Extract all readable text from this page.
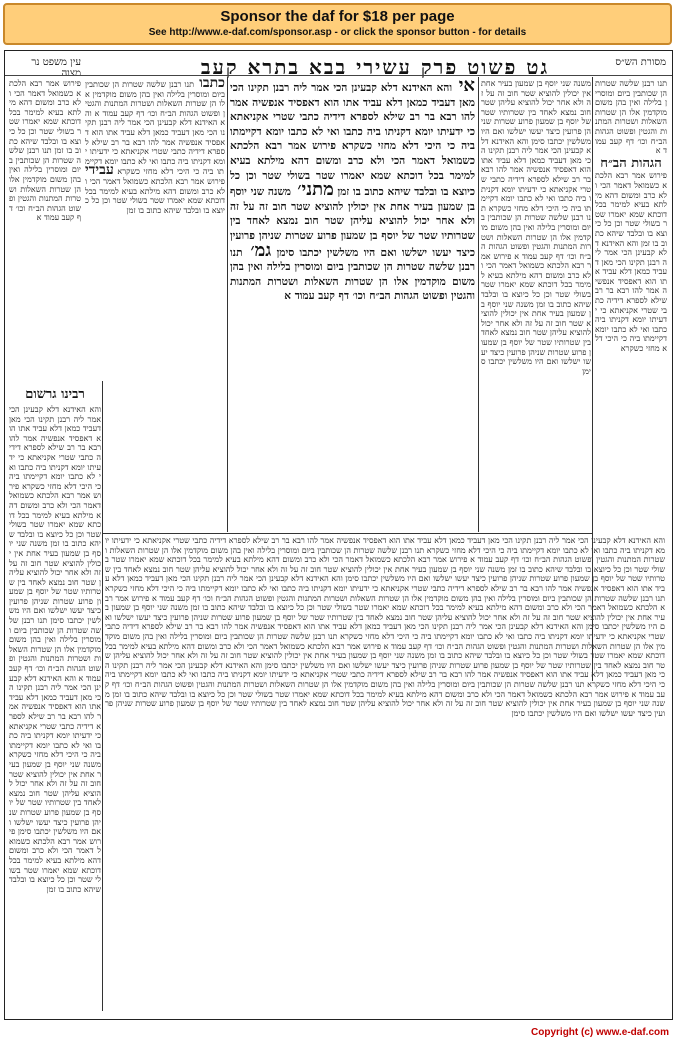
Sponsor the daf for $18 per page
See http://www.e-daf.com/sponsor.asp - or click the sponsor button - for details
עין משפט נר מצוה	גט פשוט פרק עשירי בבא בתרא קעב	מסורת הש״ס
פירוש אמר רבא הלכתא כשמואל דאמר הכי ולא כרב ומשום דהא מילתא בעיא למימר בכל דוכתא שמא יאמרו שטר בשולי שטר וכן כל כיוצא בו ובלבד שיהא כתוב בו זמן תנו רבנן שלשה שטרות הן שכותבין ביום ומוסרין בלילה ואין בהן משום מוקדמין אלו הן שטרות השאלות ושטרות המתנות והגטין ופשוט הגהות הב״ח וכו׳ דף קעב עמוד א
רבינו גרשום
והא האידנא דלא קבעינן הכי אמר ליה רבנן תקינו הכי מאן דעביד כמאן דלא עביד אתו הוא דאפסיד אנפשיה אמר להו רבא בר רב שילא לספרא דידיה כתבי שטרי אקניאתא כי ידעיתו יומא דקניתו ביה כתבו ואי לא כתבו יומא דקיימתו ביה כי היכי דלא מחזי כשקרא פירוש אמר רבא הלכתא כשמואל דאמר הכי ולא כרב ומשום דהא מילתא בעיא למימר בכל דוכתא שמא יאמרו שטר בשולי שטר וכן כל כיוצא בו ובלבד שיהא כתוב בו זמן משנה שני יוסף בן שמעון בעיר אחת אין יכולין להוציא שטר חוב זה על זה ולא אחר יכול להוציא עליהן שטר חוב נמצא לאחד בין שטרותיו שטר של יוסף בן שמעון פרוע שטרות שניהן פרועין כיצד יעשו ישלשו ואם היו משלשין יכתבו סימן תנו רבנן שלשה שטרות הן שכותבין ביום ומוסרין בלילה ואין בהן משום מוקדמין אלו הן שטרות השאלות ושטרות המתנות והגטין ופשוט הגהות הב״ח וכו׳ דף קעב עמוד א והא האידנא דלא קבעינן הכי אמר ליה רבנן תקינו הכי מאן דעביד כמאן דלא עביד אתו הוא דאפסיד אנפשיה אמר להו רבא בר רב שילא לספרא דידיה כתבי שטרי אקניאתא כי ידעיתו יומא דקניתו ביה כתבו ואי לא כתבו יומא דקיימתו ביה כי היכי דלא מחזי כשקרא משנה שני יוסף בן שמעון בעיר אחת אין יכולין להוציא שטר חוב זה על זה ולא אחר יכול להוציא עליהן שטר חוב נמצא לאחד בין שטרותיו שטר של יוסף בן שמעון פרוע שטרות שניהן פרועין כיצד יעשו ישלשו ואם היו משלשין יכתבו סימן פירוש אמר רבא הלכתא כשמואל דאמר הכי ולא כרב ומשום דהא מילתא בעיא למימר בכל דוכתא שמא יאמרו שטר בשולי שטר וכן כל כיוצא בו ובלבד שיהא כתוב בו זמן
כתבו תנו רבנן שלשה שטרות הן שכותבין ביום ומוסרין בלילה ואין בהן משום מוקדמין אלו הן שטרות השאלות ושטרות המתנות והגטין ופשוט הגהות הב״ח וכו׳ דף קעב עמוד א והא האידנא דלא קבעינן הכי אמר ליה רבנן תקינו הכי מאן דעביד כמאן דלא עביד אתו הוא דאפסיד אנפשיה אמר להו רבא בר רב שילא לספרא דידיה כתבי שטרי אקניאתא כי ידעיתו יומא דקניתו ביה כתבו ואי לא כתבו יומא דקיימתו ביה כי היכי דלא מחזי כשקרא עבידי פירוש אמר רבא הלכתא כשמואל דאמר הכי ולא כרב ומשום דהא מילתא בעיא למימר בכל דוכתא שמא יאמרו שטר בשולי שטר וכן כל כיוצא בו ובלבד שיהא כתוב בו זמן
אי והא האידנא דלא קבעינן הכי אמר ליה רבנן תקינו הכי מאן דעביד כמאן דלא עביד אתו הוא דאפסיד אנפשיה אמר להו רבא בר רב שילא לספרא דידיה כתבי שטרי אקניאתא כי ידעיתו יומא דקניתו ביה כתבו ואי לא כתבו יומא דקיימתו ביה כי היכי דלא מחזי כשקרא פירוש אמר רבא הלכתא כשמואל דאמר הכי ולא כרב ומשום דהא מילתא בעיא למימר בכל דוכתא שמא יאמרו שטר בשולי שטר וכן כל כיוצא בו ובלבד שיהא כתוב בו זמן מתני׳ משנה שני יוסף בן שמעון בעיר אחת אין יכולין להוציא שטר חוב זה על זה ולא אחר יכול להוציא עליהן שטר חוב נמצא לאחד בין שטרותיו שטר של יוסף בן שמעון פרוע שטרות שניהן פרועין כיצד יעשו ישלשו ואם היו משלשין יכתבו סימן גמ׳ תנו רבנן שלשה שטרות הן שכותבין ביום ומוסרין בלילה ואין בהן משום מוקדמין אלו הן שטרות השאלות ושטרות המתנות והגטין ופשוט הגהות הב״ח וכו׳ דף קעב עמוד א
משנה שני יוסף בן שמעון בעיר אחת אין יכולין להוציא שטר חוב זה על זה ולא אחר יכול להוציא עליהן שטר חוב נמצא לאחד בין שטרותיו שטר של יוסף בן שמעון פרוע שטרות שניהן פרועין כיצד יעשו ישלשו ואם היו משלשין יכתבו סימן והא האידנא דלא קבעינן הכי אמר ליה רבנן תקינו הכי מאן דעביד כמאן דלא עביד אתו הוא דאפסיד אנפשיה אמר להו רבא בר רב שילא לספרא דידיה כתבי שטרי אקניאתא כי ידעיתו יומא דקניתו ביה כתבו ואי לא כתבו יומא דקיימתו ביה כי היכי דלא מחזי כשקרא תנו רבנן שלשה שטרות הן שכותבין ביום ומוסרין בלילה ואין בהן משום מוקדמין אלו הן שטרות השאלות ושטרות המתנות והגטין ופשוט הגהות הב״ח וכו׳ דף קעב עמוד א פירוש אמר רבא הלכתא כשמואל דאמר הכי ולא כרב ומשום דהא מילתא בעיא למימר בכל דוכתא שמא יאמרו שטר בשולי שטר וכן כל כיוצא בו ובלבד שיהא כתוב בו זמן משנה שני יוסף בן שמעון בעיר אחת אין יכולין להוציא שטר חוב זה על זה ולא אחר יכול להוציא עליהן שטר חוב נמצא לאחד בין שטרותיו שטר של יוסף בן שמעון פרוע שטרות שניהן פרועין כיצד יעשו ישלשו ואם היו משלשין יכתבו סימן
תנו רבנן שלשה שטרות הן שכותבין ביום ומוסרין בלילה ואין בהן משום מוקדמין אלו הן שטרות השאלות ושטרות המתנות והגטין ופשוט הגהות הב״ח וכו׳ דף קעב עמוד א
הגהות הב״ח
פירוש אמר רבא הלכתא כשמואל דאמר הכי ולא כרב ומשום דהא מילתא בעיא למימר בכל דוכתא שמא יאמרו שטר בשולי שטר וכן כל כיוצא בו ובלבד שיהא כתוב בו זמן והא האידנא דלא קבעינן הכי אמר ליה רבנן תקינו הכי מאן דעביד כמאן דלא עביד אתו הוא דאפסיד אנפשיה אמר להו רבא בר רב שילא לספרא דידיה כתבי שטרי אקניאתא כי ידעיתו יומא דקניתו ביה כתבו ואי לא כתבו יומא דקיימתו ביה כי היכי דלא מחזי כשקרא
והא האידנא דלא קבעינן הכי אמר ליה רבנן תקינו הכי מאן דעביד כמאן דלא עביד אתו הוא דאפסיד אנפשיה אמר להו רבא בר רב שילא לספרא דידיה כתבי שטרי אקניאתא כי ידעיתו יומא דקניתו ביה כתבו ואי לא כתבו יומא דקיימתו ביה כי היכי דלא מחזי כשקרא תנו רבנן שלשה שטרות הן שכותבין ביום ומוסרין בלילה ואין בהן משום מוקדמין אלו הן שטרות השאלות ושטרות המתנות והגטין ופשוט הגהות הב״ח וכו׳ דף קעב עמוד א פירוש אמר רבא הלכתא כשמואל דאמר הכי ולא כרב ומשום דהא מילתא בעיא למימר בכל דוכתא שמא יאמרו שטר בשולי שטר וכן כל כיוצא בו ובלבד שיהא כתוב בו זמן משנה שני יוסף בן שמעון בעיר אחת אין יכולין להוציא שטר חוב זה על זה ולא אחר יכול להוציא עליהן שטר חוב נמצא לאחד בין שטרותיו שטר של יוסף בן שמעון פרוע שטרות שניהן פרועין כיצד יעשו ישלשו ואם היו משלשין יכתבו סימן והא האידנא דלא קבעינן הכי אמר ליה רבנן תקינו הכי מאן דעביד כמאן דלא עביד אתו הוא דאפסיד אנפשיה אמר להו רבא בר רב שילא לספרא דידיה כתבי שטרי אקניאתא כי ידעיתו יומא דקניתו ביה כתבו ואי לא כתבו יומא דקיימתו ביה כי היכי דלא מחזי כשקרא תנו רבנן שלשה שטרות הן שכותבין ביום ומוסרין בלילה ואין בהן משום מוקדמין אלו הן שטרות השאלות ושטרות המתנות והגטין ופשוט הגהות הב״ח וכו׳ דף קעב עמוד א פירוש אמר רבא הלכתא כשמואל דאמר הכי ולא כרב ומשום דהא מילתא בעיא למימר בכל דוכתא שמא יאמרו שטר בשולי שטר וכן כל כיוצא בו ובלבד שיהא כתוב בו זמן משנה שני יוסף בן שמעון בעיר אחת אין יכולין להוציא שטר חוב זה על זה ולא אחר יכול להוציא עליהן שטר חוב נמצא לאחד בין שטרותיו שטר של יוסף בן שמעון פרוע שטרות שניהן פרועין כיצד יעשו ישלשו ואם היו משלשין יכתבו סימן והא האידנא דלא קבעינן הכי אמר ליה רבנן תקינו הכי מאן דעביד כמאן דלא עביד אתו הוא דאפסיד אנפשיה אמר להו רבא בר רב שילא לספרא דידיה כתבי שטרי אקניאתא כי ידעיתו יומא דקניתו ביה כתבו ואי לא כתבו יומא דקיימתו ביה כי היכי דלא מחזי כשקרא תנו רבנן שלשה שטרות הן שכותבין ביום ומוסרין בלילה ואין בהן משום מוקדמין אלו הן שטרות השאלות ושטרות המתנות והגטין ופשוט הגהות הב״ח וכו׳ דף קעב עמוד א פירוש אמר רבא הלכתא כשמואל דאמר הכי ולא כרב ומשום דהא מילתא בעיא למימר בכל דוכתא שמא יאמרו שטר בשולי שטר וכן כל כיוצא בו ובלבד שיהא כתוב בו זמן משנה שני יוסף בן שמעון בעיר אחת אין יכולין להוציא שטר חוב זה על זה ולא אחר יכול להוציא עליהן שטר חוב נמצא לאחד בין שטרותיו שטר של יוסף בן שמעון פרוע שטרות שניהן פרועין כיצד יעשו ישלשו ואם היו משלשין יכתבו סימן והא האידנא דלא קבעינן הכי אמר ליה רבנן תקינו הכי מאן דעביד כמאן דלא עביד אתו הוא דאפסיד אנפשיה אמר להו רבא בר רב שילא לספרא דידיה כתבי שטרי אקניאתא כי ידעיתו יומא דקניתו ביה כתבו ואי לא כתבו יומא דקיימתו ביה כי היכי דלא מחזי כשקרא תנו רבנן שלשה שטרות הן שכותבין ביום ומוסרין בלילה ואין בהן משום מוקדמין אלו הן שטרות השאלות ושטרות המתנות והגטין ופשוט הגהות הב״ח וכו׳ דף קעב עמוד א פירוש אמר רבא הלכתא כשמואל דאמר הכי ולא כרב ומשום דהא מילתא בעיא למימר בכל דוכתא שמא יאמרו שטר בשולי שטר וכן כל כיוצא בו ובלבד שיהא כתוב בו זמן משנה שני יוסף בן שמעון בעיר אחת אין יכולין להוציא שטר חוב זה על זה ולא אחר יכול להוציא עליהן שטר חוב נמצא לאחד בין שטרותיו שטר של יוסף בן שמעון פרוע שטרות שניהן פרועין כיצד יעשו ישלשו ואם היו משלשין יכתבו סימן
Copyright (c) www.e-daf.com
